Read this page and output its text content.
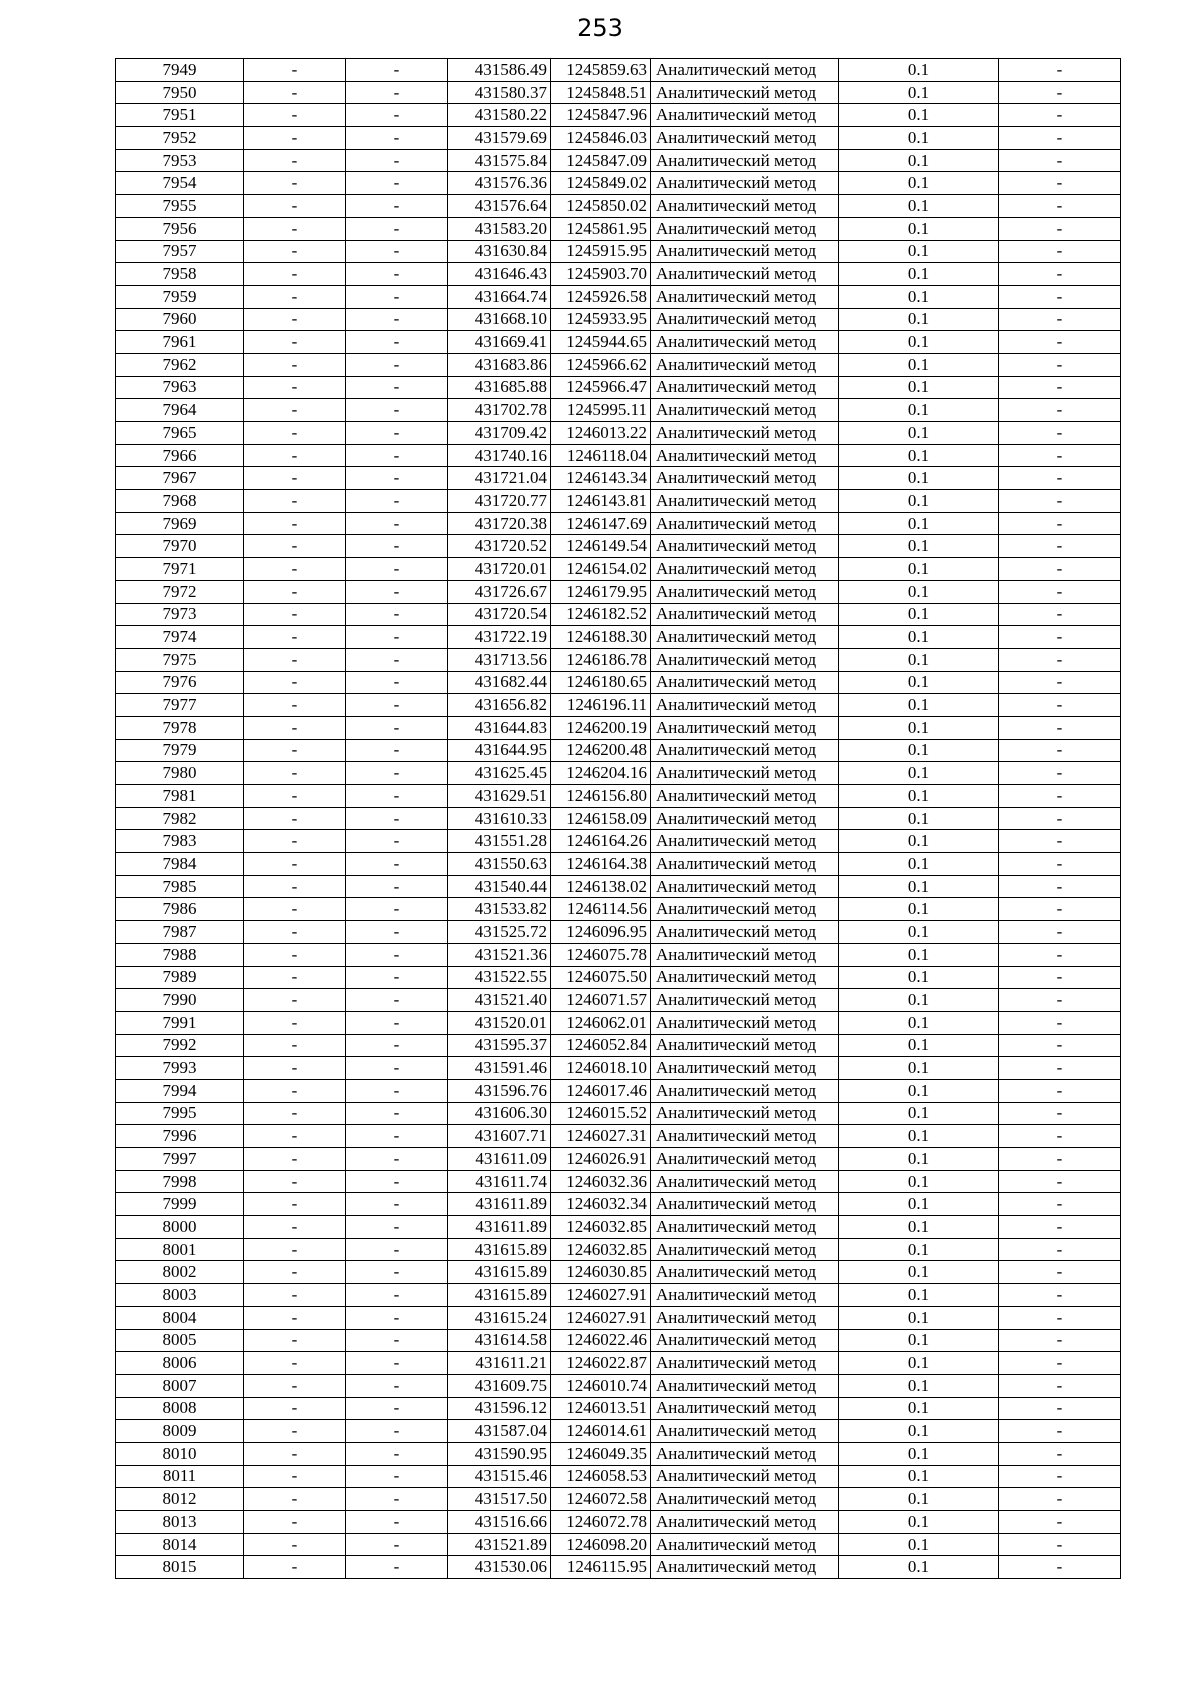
253
7949	-	-	431586.49	1245859.63	Аналитический метод	0.1	-
7950	-	-	431580.37	1245848.51	Аналитический метод	0.1	-
7951	-	-	431580.22	1245847.96	Аналитический метод	0.1	-
7952	-	-	431579.69	1245846.03	Аналитический метод	0.1	-
7953	-	-	431575.84	1245847.09	Аналитический метод	0.1	-
7954	-	-	431576.36	1245849.02	Аналитический метод	0.1	-
7955	-	-	431576.64	1245850.02	Аналитический метод	0.1	-
7956	-	-	431583.20	1245861.95	Аналитический метод	0.1	-
7957	-	-	431630.84	1245915.95	Аналитический метод	0.1	-
7958	-	-	431646.43	1245903.70	Аналитический метод	0.1	-
7959	-	-	431664.74	1245926.58	Аналитический метод	0.1	-
7960	-	-	431668.10	1245933.95	Аналитический метод	0.1	-
7961	-	-	431669.41	1245944.65	Аналитический метод	0.1	-
7962	-	-	431683.86	1245966.62	Аналитический метод	0.1	-
7963	-	-	431685.88	1245966.47	Аналитический метод	0.1	-
7964	-	-	431702.78	1245995.11	Аналитический метод	0.1	-
7965	-	-	431709.42	1246013.22	Аналитический метод	0.1	-
7966	-	-	431740.16	1246118.04	Аналитический метод	0.1	-
7967	-	-	431721.04	1246143.34	Аналитический метод	0.1	-
7968	-	-	431720.77	1246143.81	Аналитический метод	0.1	-
7969	-	-	431720.38	1246147.69	Аналитический метод	0.1	-
7970	-	-	431720.52	1246149.54	Аналитический метод	0.1	-
7971	-	-	431720.01	1246154.02	Аналитический метод	0.1	-
7972	-	-	431726.67	1246179.95	Аналитический метод	0.1	-
7973	-	-	431720.54	1246182.52	Аналитический метод	0.1	-
7974	-	-	431722.19	1246188.30	Аналитический метод	0.1	-
7975	-	-	431713.56	1246186.78	Аналитический метод	0.1	-
7976	-	-	431682.44	1246180.65	Аналитический метод	0.1	-
7977	-	-	431656.82	1246196.11	Аналитический метод	0.1	-
7978	-	-	431644.83	1246200.19	Аналитический метод	0.1	-
7979	-	-	431644.95	1246200.48	Аналитический метод	0.1	-
7980	-	-	431625.45	1246204.16	Аналитический метод	0.1	-
7981	-	-	431629.51	1246156.80	Аналитический метод	0.1	-
7982	-	-	431610.33	1246158.09	Аналитический метод	0.1	-
7983	-	-	431551.28	1246164.26	Аналитический метод	0.1	-
7984	-	-	431550.63	1246164.38	Аналитический метод	0.1	-
7985	-	-	431540.44	1246138.02	Аналитический метод	0.1	-
7986	-	-	431533.82	1246114.56	Аналитический метод	0.1	-
7987	-	-	431525.72	1246096.95	Аналитический метод	0.1	-
7988	-	-	431521.36	1246075.78	Аналитический метод	0.1	-
7989	-	-	431522.55	1246075.50	Аналитический метод	0.1	-
7990	-	-	431521.40	1246071.57	Аналитический метод	0.1	-
7991	-	-	431520.01	1246062.01	Аналитический метод	0.1	-
7992	-	-	431595.37	1246052.84	Аналитический метод	0.1	-
7993	-	-	431591.46	1246018.10	Аналитический метод	0.1	-
7994	-	-	431596.76	1246017.46	Аналитический метод	0.1	-
7995	-	-	431606.30	1246015.52	Аналитический метод	0.1	-
7996	-	-	431607.71	1246027.31	Аналитический метод	0.1	-
7997	-	-	431611.09	1246026.91	Аналитический метод	0.1	-
7998	-	-	431611.74	1246032.36	Аналитический метод	0.1	-
7999	-	-	431611.89	1246032.34	Аналитический метод	0.1	-
8000	-	-	431611.89	1246032.85	Аналитический метод	0.1	-
8001	-	-	431615.89	1246032.85	Аналитический метод	0.1	-
8002	-	-	431615.89	1246030.85	Аналитический метод	0.1	-
8003	-	-	431615.89	1246027.91	Аналитический метод	0.1	-
8004	-	-	431615.24	1246027.91	Аналитический метод	0.1	-
8005	-	-	431614.58	1246022.46	Аналитический метод	0.1	-
8006	-	-	431611.21	1246022.87	Аналитический метод	0.1	-
8007	-	-	431609.75	1246010.74	Аналитический метод	0.1	-
8008	-	-	431596.12	1246013.51	Аналитический метод	0.1	-
8009	-	-	431587.04	1246014.61	Аналитический метод	0.1	-
8010	-	-	431590.95	1246049.35	Аналитический метод	0.1	-
8011	-	-	431515.46	1246058.53	Аналитический метод	0.1	-
8012	-	-	431517.50	1246072.58	Аналитический метод	0.1	-
8013	-	-	431516.66	1246072.78	Аналитический метод	0.1	-
8014	-	-	431521.89	1246098.20	Аналитический метод	0.1	-
8015	-	-	431530.06	1246115.95	Аналитический метод	0.1	-
